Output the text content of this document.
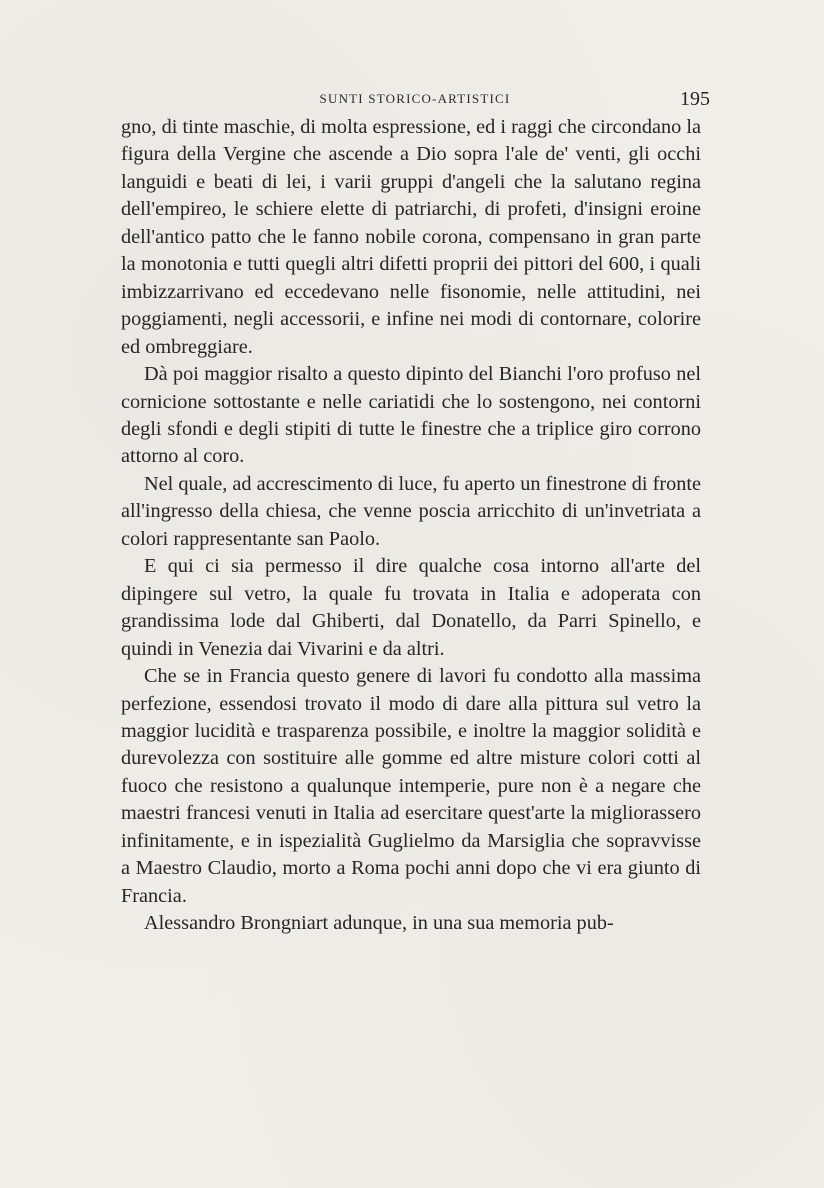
SUNTI STORICO-ARTISTICI	195

gno, di tinte maschie, di molta espressione, ed i raggi che circondano la figura della Vergine che ascende a Dio sopra l'ale de' venti, gli occhi languidi e beati di lei, i varii gruppi d'angeli che la salutano regina dell'empireo, le schiere elette di patriarchi, di profeti, d'insigni eroine dell'antico patto che le fanno nobile corona, compensano in gran parte la monotonia e tutti quegli altri difetti proprii dei pittori del 600, i quali imbizzarrivano ed eccedevano nelle fisonomie, nelle attitudini, nei poggiamenti, negli accessorii, e infine nei modi di contornare, colorire ed ombreggiare.

Dà poi maggior risalto a questo dipinto del Bianchi l'oro profuso nel cornicione sottostante e nelle cariatidi che lo sostengono, nei contorni degli sfondi e degli stipiti di tutte le finestre che a triplice giro corrono attorno al coro.

Nel quale, ad accrescimento di luce, fu aperto un finestrone di fronte all'ingresso della chiesa, che venne poscia arricchito di un'invetriata a colori rappresentante san Paolo.

E qui ci sia permesso il dire qualche cosa intorno all'arte del dipingere sul vetro, la quale fu trovata in Italia e adoperata con grandissima lode dal Ghiberti, dal Donatello, da Parri Spinello, e quindi in Venezia dai Vivarini e da altri.

Che se in Francia questo genere di lavori fu condotto alla massima perfezione, essendosi trovato il modo di dare alla pittura sul vetro la maggior lucidità e trasparenza possibile, e inoltre la maggior solidità e durevolezza con sostituire alle gomme ed altre misture colori cotti al fuoco che resistono a qualunque intemperie, pure non è a negare che maestri francesi venuti in Italia ad esercitare quest'arte la migliorassero infinitamente, e in ispezialità Guglielmo da Marsiglia che sopravvisse a Maestro Claudio, morto a Roma pochi anni dopo che vi era giunto di Francia.

Alessandro Brongniart adunque, in una sua memoria pub-
